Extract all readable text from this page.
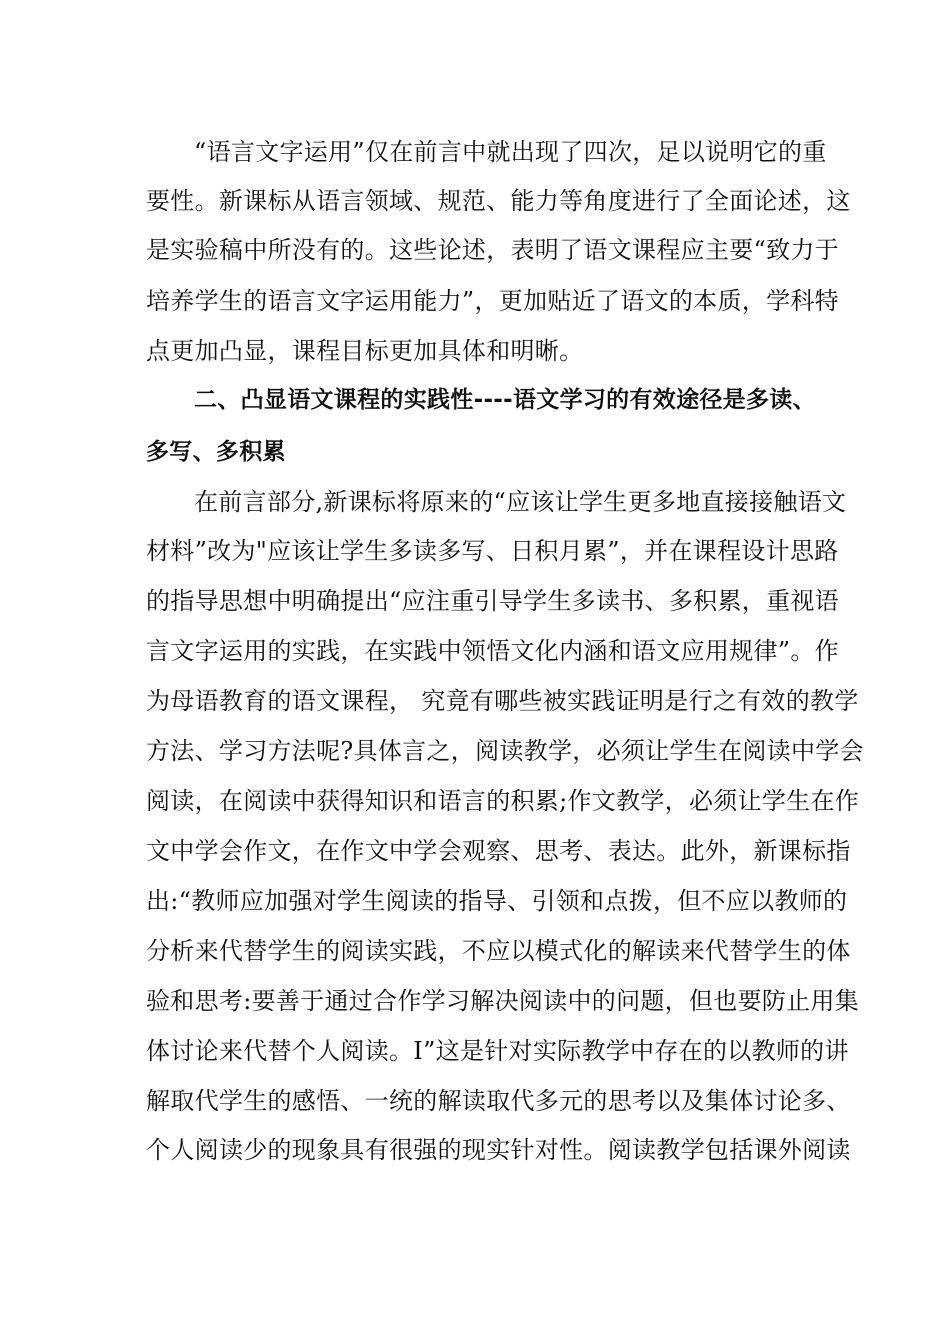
“语言文字运用”仅在前言中就出现了四次，足以说明它的重
要性。新课标从语言领域、规范、能力等角度进行了全面论述，这
是实验稿中所没有的。这些论述，表明了语文课程应主要“致力于
培养学生的语言文字运用能力”，更加贴近了语文的本质，学科特
点更加凸显，课程目标更加具体和明晰。
二、凸显语文课程的实践性----语文学习的有效途径是多读、
多写、多积累
在前言部分,新课标将原来的“应该让学生更多地直接接触语文
材料”改为"应该让学生多读多写、日积月累”，并在课程设计思路
的指导思想中明确提出“应注重引导学生多读书、多积累，重视语
言文字运用的实践，在实践中领悟文化内涵和语文应用规律”。作
为母语教育的语文课程， 究竟有哪些被实践证明是行之有效的教学
方法、学习方法呢?具体言之，阅读教学，必须让学生在阅读中学会
阅读，在阅读中获得知识和语言的积累;作文教学，必须让学生在作
文中学会作文，在作文中学会观察、思考、表达。此外，新课标指
出:“教师应加强对学生阅读的指导、引领和点拨，但不应以教师的
分析来代替学生的阅读实践，不应以模式化的解读来代替学生的体
验和思考:要善于通过合作学习解决阅读中的问题，但也要防止用集
体讨论来代替个人阅读。I”这是针对实际教学中存在的以教师的讲
解取代学生的感悟、一统的解读取代多元的思考以及集体讨论多、
个人阅读少的现象具有很强的现实针对性。阅读教学包括课外阅读
